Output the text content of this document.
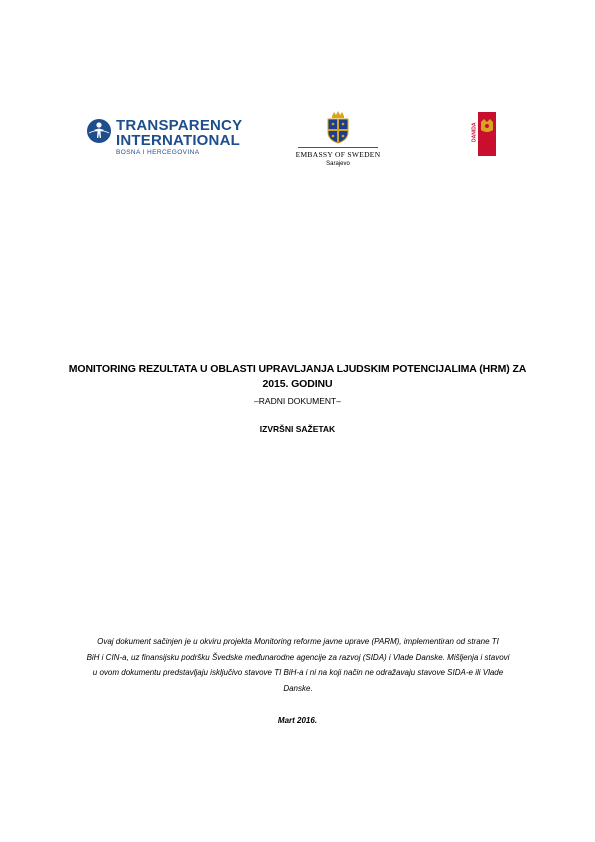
TRANSPARENCY
INTERNATIONAL
BOSNA I HERCEGOVINA	EMBASSY OF SWEDEN
Sarajevo
DANIDA
MONITORING REZULTATA U OBLASTI UPRAVLJANJA LJUDSKIM POTENCIJALIMA (HRM) ZA
2015. GODINU
–RADNI DOKUMENT–
IZVRŠNI SAŽETAK
Ovaj dokument sačinjen je u okviru projekta Monitoring reforme javne uprave (PARM), implementiran od strane TI
BiH i CIN-a, uz finansijsku podršku Švedske međunarodne agencije za razvoj (SIDA) i Vlade Danske. Mišljenja i stavovi
u ovom dokumentu predstavljaju isključivo stavove TI BiH-a i ni na koji način ne odražavaju stavove SIDA-e ili Vlade
Danske.
Mart 2016.
